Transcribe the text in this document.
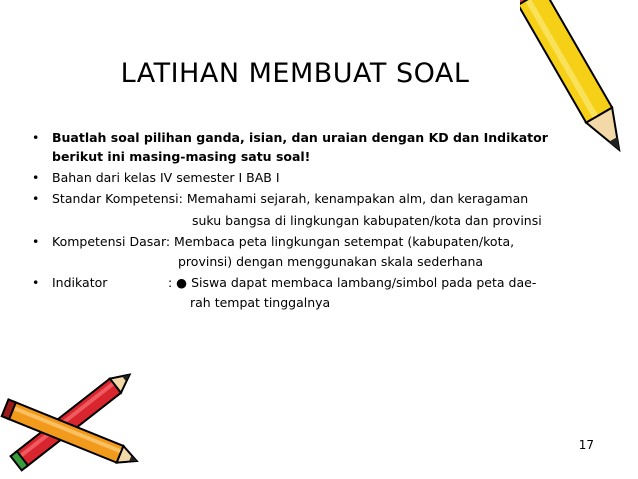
LATIHAN MEMBUAT SOAL
•	Buatlah soal pilihan ganda, isian, dan uraian dengan KD dan Indikator
berikut ini masing-masing satu soal!
•	Bahan dari kelas IV semester I BAB I
•	Standar Kompetensi: Memahami sejarah, kenampakan alm, dan keragaman
suku bangsa di lingkungan kabupaten/kota dan provinsi
•	Kompetensi Dasar: Membaca peta lingkungan setempat (kabupaten/kota,
provinsi) dengan menggunakan skala sederhana
•	Indikator	: ● Siswa dapat membaca lambang/simbol pada peta dae-
rah tempat tinggalnya
17
